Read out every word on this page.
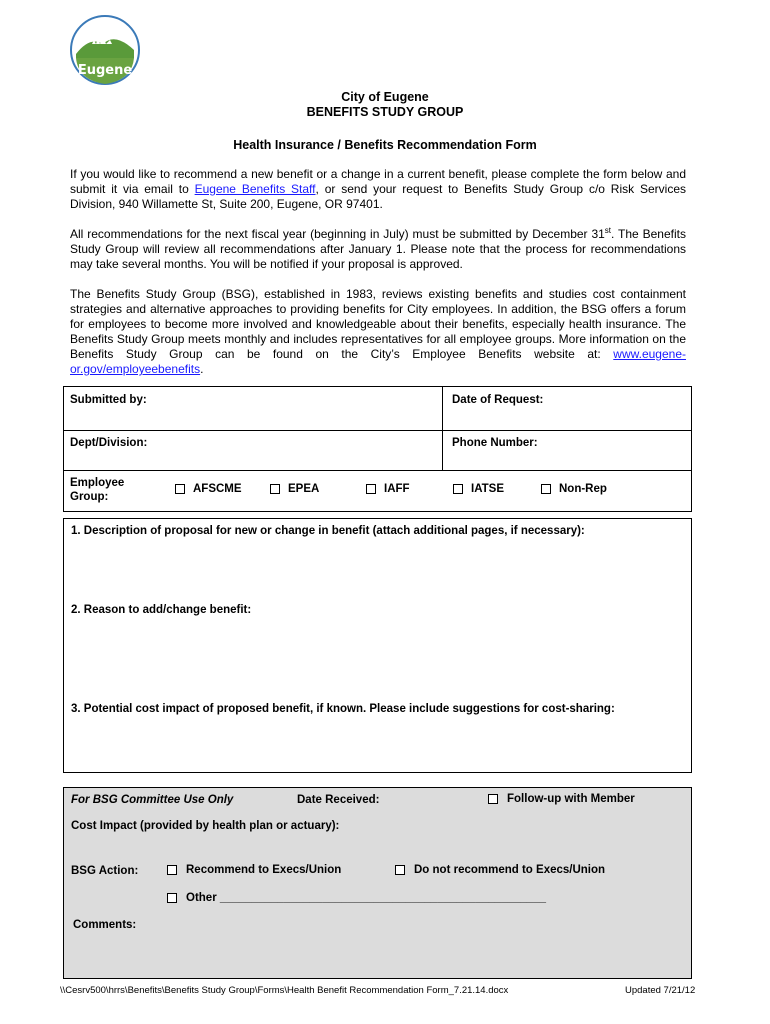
Eugene
City of Eugene
BENEFITS STUDY GROUP
Health Insurance / Benefits Recommendation Form

If you would like to recommend a new benefit or a change in a current benefit, please complete the form below and submit it via email to Eugene Benefits Staff, or send your request to Benefits Study Group c/o Risk Services Division, 940 Willamette St, Suite 200, Eugene, OR 97401.

All recommendations for the next fiscal year (beginning in July) must be submitted by December 31st. The Benefits Study Group will review all recommendations after January 1. Please note that the process for recommendations may take several months. You will be notified if your proposal is approved.

The Benefits Study Group (BSG), established in 1983, reviews existing benefits and studies cost containment strategies and alternative approaches to providing benefits for City employees. In addition, the BSG offers a forum for employees to become more involved and knowledgeable about their benefits, especially health insurance. The Benefits Study Group meets monthly and includes representatives for all employee groups. More information on the Benefits Study Group can be found on the City’s Employee Benefits website at: www.eugene-or.gov/employeebenefits.

Submitted by:	Date of Request:
Dept/Division:	Phone Number:
Employee
Group:
AFSCME	EPEA	IAFF	IATSE	Non-Rep
1. Description of proposal for new or change in benefit (attach additional pages, if necessary):
2. Reason to add/change benefit:
3. Potential cost impact of proposed benefit, if known. Please include suggestions for cost-sharing:
For BSG Committee Use Only	Date Received:	Follow-up with Member
Cost Impact (provided by health plan or actuary):
BSG Action:	Recommend to Execs/Union	Do not recommend to Execs/Union
Other ___________________________________________________
Comments:
\\Cesrv500\hrrs\Benefits\Benefits Study Group\Forms\Health Benefit Recommendation Form_7.21.14.docx	Updated 7/21/12
